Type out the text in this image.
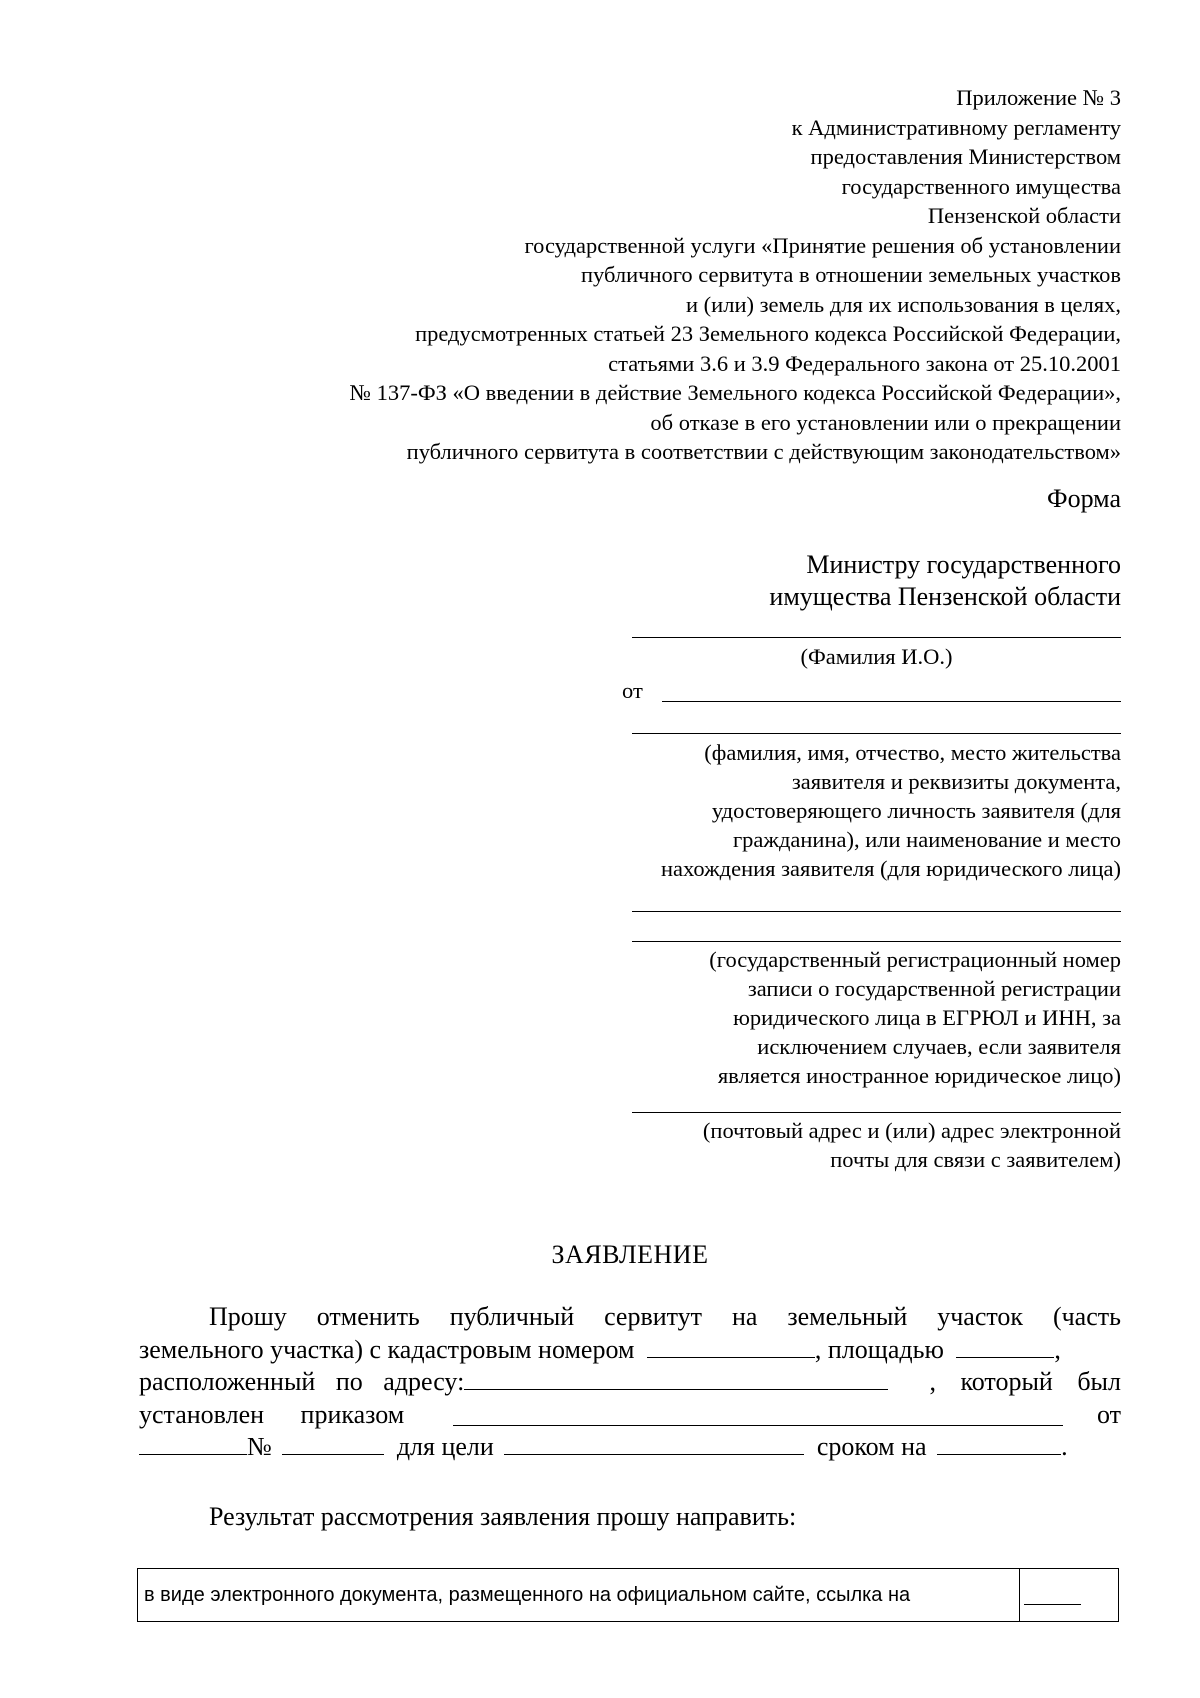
Приложение № 3
к Административному регламенту
предоставления Министерством
государственного имущества
Пензенской области
государственной услуги «Принятие решения об установлении
публичного сервитута в отношении земельных участков
и (или) земель для их использования в целях,
предусмотренных статьей 23 Земельного кодекса Российской Федерации,
статьями 3.6 и 3.9 Федерального закона от 25.10.2001
№ 137-ФЗ «О введении в действие Земельного кодекса Российской Федерации»,
об отказе в его установлении или о прекращении
публичного сервитута в соответствии с действующим законодательством»
Форма
Министру государственного
имущества Пензенской области
(Фамилия И.О.)
от
(фамилия, имя, отчество, место жительства
заявителя и реквизиты документа,
удостоверяющего личность заявителя (для
гражданина), или наименование и место
нахождения заявителя (для юридического лица)
(государственный регистрационный номер
записи о государственной регистрации
юридического лица в ЕГРЮЛ и ИНН, за
исключением случаев, если заявителя
является иностранное юридическое лицо)
(почтовый адрес и (или) адрес электронной
почты для связи с заявителем)
ЗАЯВЛЕНИЕ
Прошу отменить публичный сервитут на земельный участок (часть
земельного участка) с кадастровым номером	, площадью	,
расположенный по адресу:	, который был
установлен приказом	от
№	для цели	сроком на	.
Результат рассмотрения заявления прошу направить:
в виде электронного документа, размещенного на официальном сайте, ссылка на	
